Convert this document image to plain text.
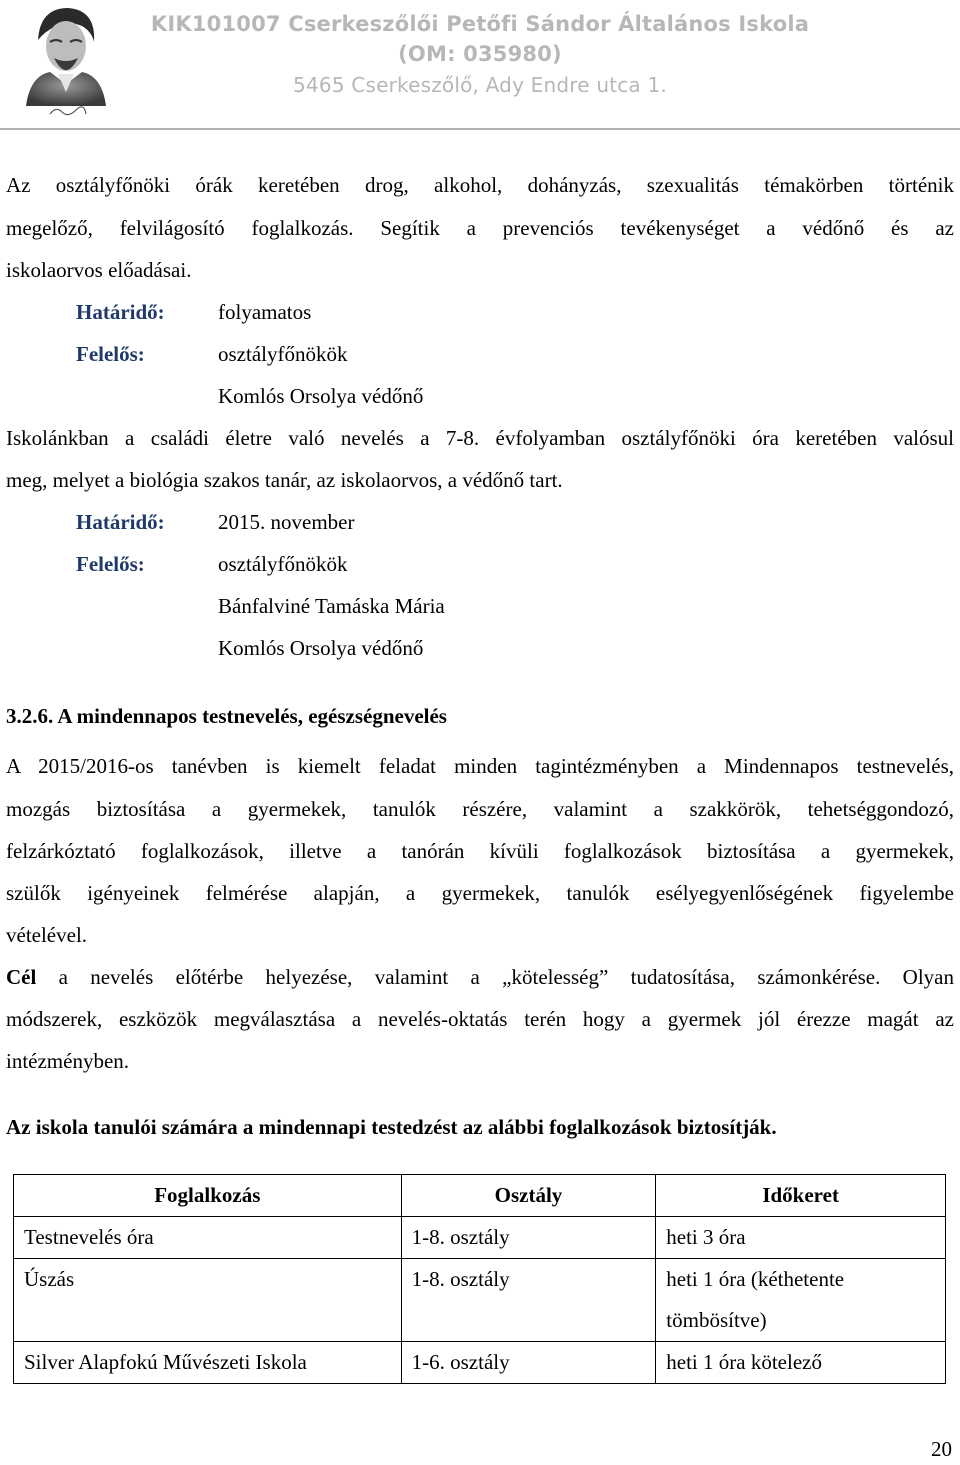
KIK101007 Cserkeszőlői Petőfi Sándor Általános Iskola
(OM: 035980)
5465 Cserkeszőlő, Ady Endre utca 1.
Az osztályfőnöki órák keretében drog, alkohol, dohányzás, szexualitás témakörben történik
megelőző, felvilágosító foglalkozás. Segítik a prevenciós tevékenységet a védőnő és az
iskolaorvos előadásai.
Határidő:	folyamatos
Felelős:	osztályfőnökök
Komlós Orsolya védőnő
Iskolánkban a családi életre való nevelés a 7-8. évfolyamban osztályfőnöki óra keretében valósul
meg, melyet a biológia szakos tanár, az iskolaorvos, a védőnő tart.
Határidő:	2015. november
Felelős:	osztályfőnökök
Bánfalviné Tamáska Mária
Komlós Orsolya védőnő
3.2.6. A mindennapos testnevelés, egészségnevelés
A 2015/2016-os tanévben is kiemelt feladat minden tagintézményben a Mindennapos testnevelés,
mozgás biztosítása a gyermekek, tanulók részére, valamint a szakkörök, tehetséggondozó,
felzárkóztató foglalkozások, illetve a tanórán kívüli foglalkozások biztosítása a gyermekek,
szülők igényeinek felmérése alapján, a gyermekek, tanulók esélyegyenlőségének figyelembe
vételével.
Cél a nevelés előtérbe helyezése, valamint a „kötelesség” tudatosítása, számonkérése. Olyan
módszerek, eszközök megválasztása a nevelés-oktatás terén hogy a gyermek jól érezze magát az
intézményben.
Az iskola tanulói számára a mindennapi testedzést az alábbi foglalkozások biztosítják.
Foglalkozás	Osztály	Időkeret
Testnevelés óra	1-8. osztály	heti 3 óra
Úszás	1-8. osztály	heti 1 óra (kéthetente tömbösítve)
Silver Alapfokú Művészeti Iskola	1-6. osztály	heti 1 óra kötelező
20
